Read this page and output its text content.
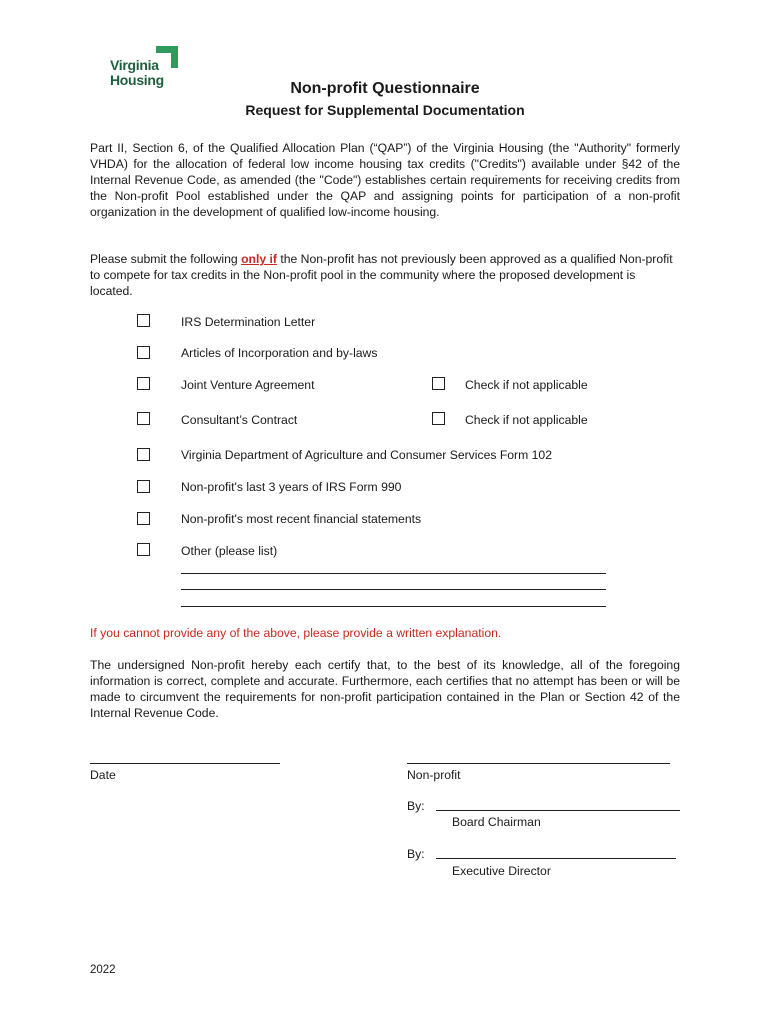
Virginia
Housing	Non-profit Questionnaire
Request for Supplemental Documentation

Part II, Section 6, of the Qualified Allocation Plan (“QAP”) of the Virginia Housing (the "Authority" formerly VHDA) for the allocation of federal low income housing tax credits ("Credits") available under §42 of the Internal Revenue Code, as amended (the "Code") establishes certain requirements for receiving credits from the Non-profit Pool established under the QAP and assigning points for participation of a non-profit organization in the development of qualified low-income housing.

Please submit the following only if the Non-profit has not previously been approved as a qualified Non-profit to compete for tax credits in the Non-profit pool in the community where the proposed development is located.

IRS Determination Letter
Articles of Incorporation and by-laws
Joint Venture Agreement	Check if not applicable
Consultant’s Contract	Check if not applicable
Virginia Department of Agriculture and Consumer Services Form 102
Non-profit's last 3 years of IRS Form 990
Non-profit's most recent financial statements
Other (please list)

If you cannot provide any of the above, please provide a written explanation.

The undersigned Non-profit hereby each certify that, to the best of its knowledge, all of the foregoing information is correct, complete and accurate. Furthermore, each certifies that no attempt has been or will be made to circumvent the requirements for non-profit participation contained in the Plan or Section 42 of the Internal Revenue Code.

Date	Non-profit
By:
Board Chairman
By:
Executive Director
2022
